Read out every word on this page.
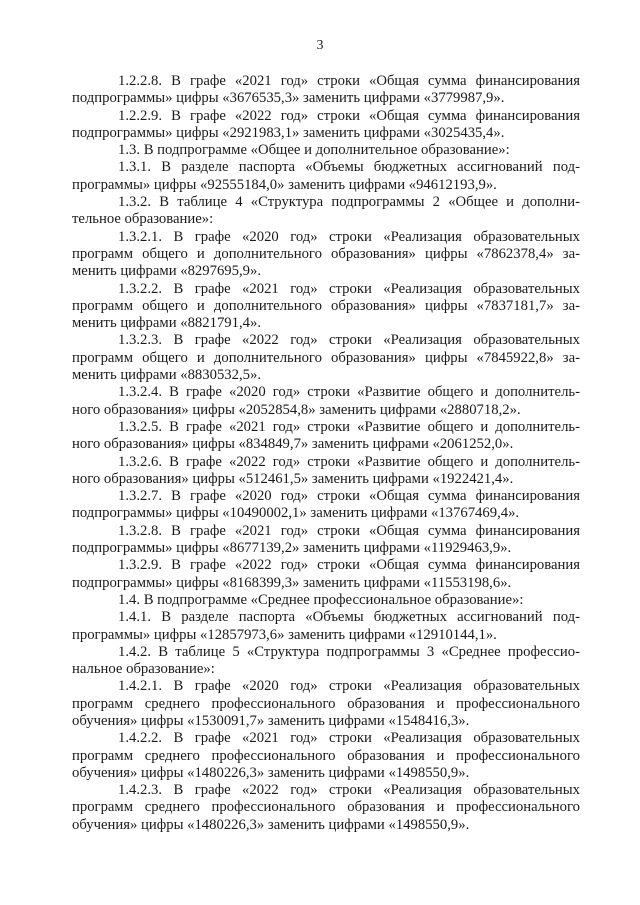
3
1.2.2.8. В графе «2021 год» строки «Общая сумма финансирования
подпрограммы» цифры «3676535,3» заменить цифрами «3779987,9».
1.2.2.9. В графе «2022 год» строки «Общая сумма финансирования
подпрограммы» цифры «2921983,1» заменить цифрами «3025435,4».
1.3. В подпрограмме «Общее и дополнительное образование»:
1.3.1. В разделе паспорта «Объемы бюджетных ассигнований под-
программы» цифры «92555184,0» заменить цифрами «94612193,9».
1.3.2. В таблице 4 «Структура подпрограммы 2 «Общее и дополни-
тельное образование»:
1.3.2.1. В графе «2020 год» строки «Реализация образовательных
программ общего и дополнительного образования» цифры «7862378,4» за-
менить цифрами «8297695,9».
1.3.2.2. В графе «2021 год» строки «Реализация образовательных
программ общего и дополнительного образования» цифры «7837181,7» за-
менить цифрами «8821791,4».
1.3.2.3. В графе «2022 год» строки «Реализация образовательных
программ общего и дополнительного образования» цифры «7845922,8» за-
менить цифрами «8830532,5».
1.3.2.4. В графе «2020 год» строки «Развитие общего и дополнитель-
ного образования» цифры «2052854,8» заменить цифрами «2880718,2».
1.3.2.5. В графе «2021 год» строки «Развитие общего и дополнитель-
ного образования» цифры «834849,7» заменить цифрами «2061252,0».
1.3.2.6. В графе «2022 год» строки «Развитие общего и дополнитель-
ного образования» цифры «512461,5» заменить цифрами «1922421,4».
1.3.2.7. В графе «2020 год» строки «Общая сумма финансирования
подпрограммы» цифры «10490002,1» заменить цифрами «13767469,4».
1.3.2.8. В графе «2021 год» строки «Общая сумма финансирования
подпрограммы» цифры «8677139,2» заменить цифрами «11929463,9».
1.3.2.9. В графе «2022 год» строки «Общая сумма финансирования
подпрограммы» цифры «8168399,3» заменить цифрами «11553198,6».
1.4. В подпрограмме «Среднее профессиональное образование»:
1.4.1. В разделе паспорта «Объемы бюджетных ассигнований под-
программы» цифры «12857973,6» заменить цифрами «12910144,1».
1.4.2. В таблице 5 «Структура подпрограммы 3 «Среднее профессио-
нальное образование»:
1.4.2.1. В графе «2020 год» строки «Реализация образовательных
программ среднего профессионального образования и профессионального
обучения» цифры «1530091,7» заменить цифрами «1548416,3».
1.4.2.2. В графе «2021 год» строки «Реализация образовательных
программ среднего профессионального образования и профессионального
обучения» цифры «1480226,3» заменить цифрами «1498550,9».
1.4.2.3. В графе «2022 год» строки «Реализация образовательных
программ среднего профессионального образования и профессионального
обучения» цифры «1480226,3» заменить цифрами «1498550,9».
